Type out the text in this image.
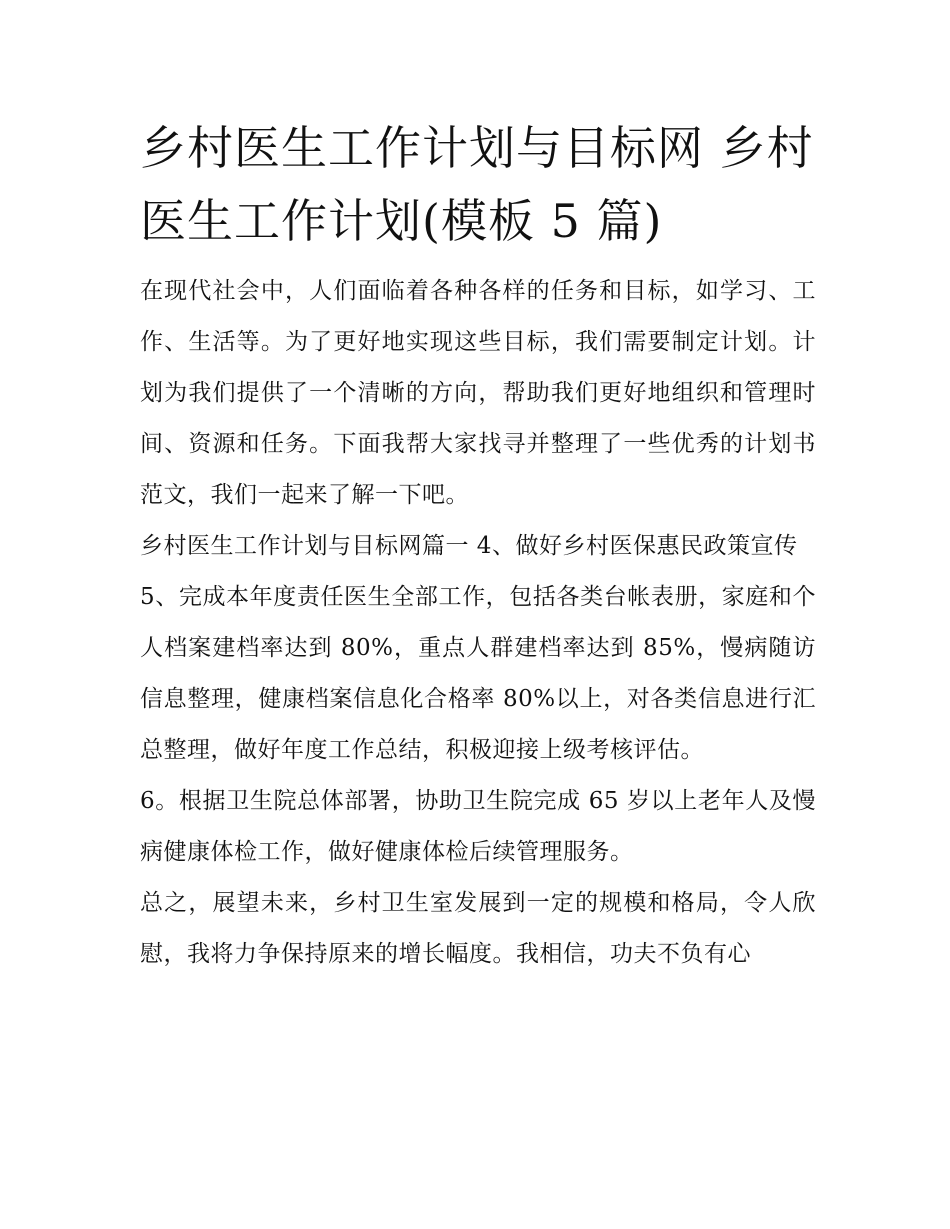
乡村医生工作计划与目标网 乡村医生工作计划(模板 5 篇)

在现代社会中，人们面临着各种各样的任务和目标，如学习、工作、生活等。为了更好地实现这些目标，我们需要制定计划。计划为我们提供了一个清晰的方向，帮助我们更好地组织和管理时间、资源和任务。下面我帮大家找寻并整理了一些优秀的计划书范文，我们一起来了解一下吧。

乡村医生工作计划与目标网篇一 4、做好乡村医保惠民政策宣传

5、完成本年度责任医生全部工作，包括各类台帐表册，家庭和个人档案建档率达到 80%，重点人群建档率达到 85%，慢病随访信息整理，健康档案信息化合格率 80%以上，对各类信息进行汇总整理，做好年度工作总结，积极迎接上级考核评估。

6。根据卫生院总体部署，协助卫生院完成 65 岁以上老年人及慢病健康体检工作，做好健康体检后续管理服务。

总之，展望未来，乡村卫生室发展到一定的规模和格局，令人欣慰，我将力争保持原来的增长幅度。我相信，功夫不负有心
